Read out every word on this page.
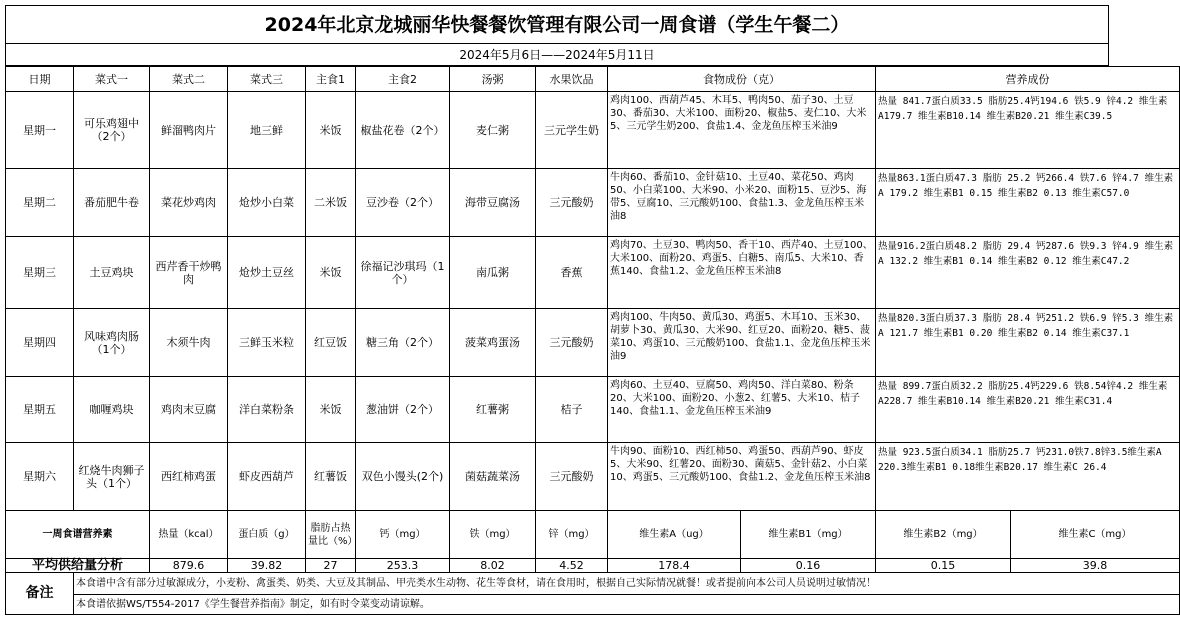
2024年北京龙城丽华快餐餐饮管理有限公司一周食谱（学生午餐二）
2024年5月6日——2024年5月11日
日期	菜式一	菜式二	菜式三	主食1	主食2	汤粥	水果饮品	食物成份（克）		营养成份	
星期一	可乐鸡翅中（2个）	鲜溜鸭肉片	地三鲜	米饭	椒盐花卷（2个）	麦仁粥	三元学生奶	鸡肉100、西葫芦45、木耳5、鸭肉50、茄子30、土豆30、番茄30、大米100、面粉20、椒盐5、麦仁10、大米5、三元学生奶200、食盐1.4、金龙鱼压榨玉米油9		热量 841.7蛋白质33.5 脂肪25.4钙194.6 铁5.9 锌4.2 维生素A179.7 维生素B10.14 维生素B20.21 维生素C39.5	
星期二	番茄肥牛卷	菜花炒鸡肉	炝炒小白菜	二米饭	豆沙卷（2个）	海带豆腐汤	三元酸奶	牛肉60、番茄10、金针菇10、土豆40、菜花50、鸡肉50、小白菜100、大米90、小米20、面粉15、豆沙5、海带5、豆腐10、三元酸奶100、食盐1.3、金龙鱼压榨玉米油8		热量863.1蛋白质47.3 脂肪 25.2 钙266.4 铁7.6 锌4.7 维生素A 179.2 维生素B1 0.15 维生素B2 0.13 维生素C57.0	
星期三	土豆鸡块	西芹香干炒鸭肉	炝炒土豆丝	米饭	徐福记沙琪玛（1个）	南瓜粥	香蕉	鸡肉70、土豆30、鸭肉50、香干10、西芹40、土豆100、大米100、面粉20、鸡蛋5、白糖5、南瓜5、大米10、香蕉140、食盐1.2、金龙鱼压榨玉米油8		热量916.2蛋白质48.2 脂肪 29.4 钙287.6 铁9.3 锌4.9 维生素A 132.2 维生素B1 0.14 维生素B2 0.12 维生素C47.2	
星期四	风味鸡肉肠（1个）	木须牛肉	三鲜玉米粒	红豆饭	糖三角（2个）	菠菜鸡蛋汤	三元酸奶	鸡肉100、牛肉50、黄瓜30、鸡蛋5、木耳10、玉米30、胡萝卜30、黄瓜30、大米90、红豆20、面粉20、糖5、菠菜10、鸡蛋10、三元酸奶100、食盐1.1、金龙鱼压榨玉米油9		热量820.3蛋白质37.3 脂肪 28.4 钙251.2 铁6.9 锌5.3 维生素A 121.7 维生素B1 0.20 维生素B2 0.14 维生素C37.1	
星期五	咖喱鸡块	鸡肉末豆腐	洋白菜粉条	米饭	葱油饼（2个）	红薯粥	桔子	鸡肉60、土豆40、豆腐50、鸡肉50、洋白菜80、粉条20、大米100、面粉20、小葱2、红薯5、大米10、桔子140、食盐1.1、金龙鱼压榨玉米油9		热量 899.7蛋白质32.2 脂肪25.4钙229.6 铁8.54锌4.2 维生素A228.7 维生素B10.14 维生素B20.21 维生素C31.4	
星期六	红烧牛肉狮子头（1个）	西红柿鸡蛋	虾皮西葫芦	红薯饭	双色小馒头(2个)	菌菇蔬菜汤	三元酸奶	牛肉90、面粉10、西红柿50、鸡蛋50、西葫芦90、虾皮5、大米90、红薯20、面粉30、菌菇5、金针菇2、小白菜10、鸡蛋5、三元酸奶100、食盐1.2、金龙鱼压榨玉米油8		热量 923.5蛋白质34.1 脂肪25.7 钙231.0铁7.8锌3.5维生素A 220.3维生素B1 0.18维生素B20.17 维生素C 26.4	
一周食谱营养素		热量（kcal）	蛋白质（g）	脂肪占热量比（%）	钙（mg）	铁（mg）	锌（mg）	维生素A（ug）	维生素B1（mg）	维生素B2（mg）	维生素C（mg）
平均供给量分析		879.6	39.82	27	253.3	8.02	4.52	178.4	0.16	0.15	39.8
备注	本食谱中含有部分过敏源成分，小麦粉、禽蛋类、奶类、大豆及其制品、甲壳类水生动物、花生等食材，请在食用时，根据自己实际情况就餐！或者提前向本公司人员说明过敏情况！										
	本食谱依据WS/T554-2017《学生餐营养指南》制定，如有时令菜变动请谅解。										
